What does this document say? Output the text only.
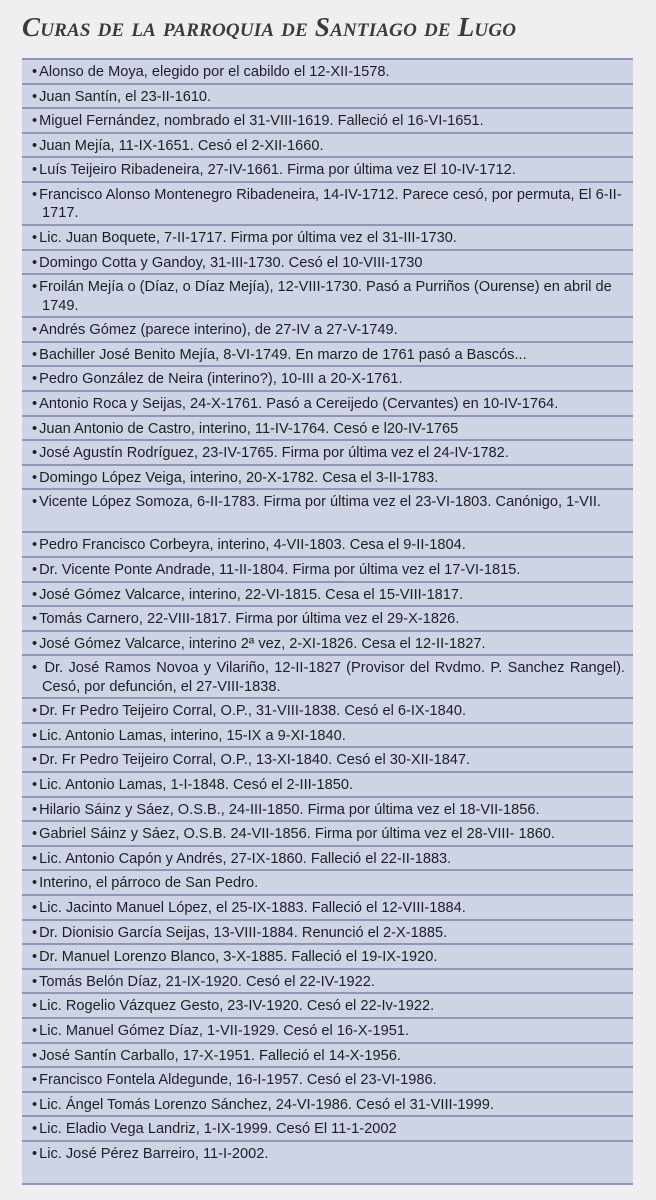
Curas de la parroquia de Santiago de Lugo
• Alonso de Moya, elegido por el cabildo el 12-XII-1578.
• Juan Santín, el 23-II-1610.
• Miguel Fernández, nombrado el 31-VIII-1619. Falleció el 16-VI-1651.
• Juan Mejía, 11-IX-1651. Cesó el 2-XII-1660.
• Luís Teijeiro Ribadeneira, 27-IV-1661. Firma por última vez El 10-IV-1712.
• Francisco Alonso Montenegro Ribadeneira, 14-IV-1712. Parece cesó, por permuta, El 6-II-1717.
• Lic. Juan Boquete, 7-II-1717. Firma por última vez el 31-III-1730.
• Domingo Cotta y Gandoy, 31-III-1730. Cesó el 10-VIII-1730
• Froilán Mejía o (Díaz, o Díaz Mejía), 12-VIII-1730. Pasó a Purriños (Ourense) en abril de 1749.
• Andrés Gómez (parece interino), de 27-IV a 27-V-1749.
• Bachiller José Benito Mejía, 8-VI-1749. En marzo de 1761 pasó a Bascós...
• Pedro González de Neira (interino?), 10-III a 20-X-1761.
• Antonio Roca y Seijas, 24-X-1761. Pasó a Cereijedo (Cervantes) en 10-IV-1764.
• Juan Antonio de Castro, interino, 11-IV-1764. Cesó e l20-IV-1765
• José Agustín Rodríguez, 23-IV-1765. Firma por última vez el 24-IV-1782.
• Domingo López Veiga, interino, 20-X-1782. Cesa el 3-II-1783.
• Vicente López Somoza, 6-II-1783. Firma por última vez el 23-VI-1803. Canónigo, 1-VII.
• Pedro Francisco Corbeyra, interino, 4-VII-1803. Cesa el 9-II-1804.
• Dr. Vicente Ponte Andrade, 11-II-1804. Firma por última vez el 17-VI-1815.
• José Gómez Valcarce, interino, 22-VI-1815. Cesa el 15-VIII-1817.
• Tomás Carnero, 22-VIII-1817. Firma por última vez el 29-X-1826.
• José Gómez Valcarce, interino 2ª vez, 2-XI-1826. Cesa el 12-II-1827.
• Dr. José Ramos Novoa y Vilariño, 12-II-1827 (Provisor del Rvdmo. P. Sanchez Rangel). Cesó, por defunción, el 27-VIII-1838.
• Dr. Fr Pedro Teijeiro Corral, O.P., 31-VIII-1838. Cesó el 6-IX-1840.
• Lic. Antonio Lamas, interino, 15-IX a 9-XI-1840.
• Dr. Fr Pedro Teijeiro Corral, O.P., 13-XI-1840. Cesó el 30-XII-1847.
• Lic. Antonio Lamas, 1-I-1848. Cesó el 2-III-1850.
• Hilario Sáinz y Sáez, O.S.B., 24-III-1850. Firma por última vez el 18-VII-1856.
• Gabriel Sáinz y Sáez, O.S.B. 24-VII-1856. Firma por última vez el 28-VIII- 1860.
• Lic. Antonio Capón y Andrés, 27-IX-1860. Falleció el 22-II-1883.
• Interino, el párroco de San Pedro.
• Lic. Jacinto Manuel López, el 25-IX-1883. Falleció el 12-VIII-1884.
• Dr. Dionisio García Seijas, 13-VIII-1884. Renunció el 2-X-1885.
• Dr. Manuel Lorenzo Blanco, 3-X-1885. Falleció el 19-IX-1920.
• Tomás Belón Díaz, 21-IX-1920. Cesó el 22-IV-1922.
• Lic. Rogelio Vázquez Gesto, 23-IV-1920. Cesó el 22-Iv-1922.
• Lic. Manuel Gómez Díaz, 1-VII-1929. Cesó el 16-X-1951.
• José Santín Carballo, 17-X-1951. Falleció el 14-X-1956.
• Francisco Fontela Aldegunde, 16-I-1957. Cesó el 23-VI-1986.
• Lic. Ángel Tomás Lorenzo Sánchez, 24-VI-1986. Cesó el 31-VIII-1999.
• Lic. Eladio Vega Landriz, 1-IX-1999. Cesó El 11-1-2002
• Lic. José Pérez Barreiro, 11-I-2002.
